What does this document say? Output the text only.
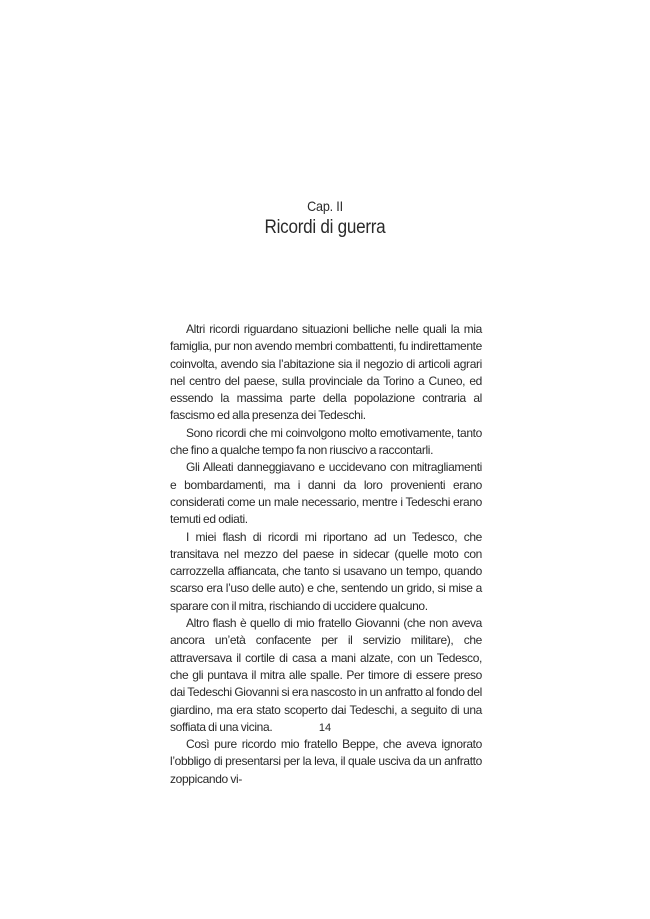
Cap. II
Ricordi di guerra

Altri ricordi riguardano situazioni belliche nelle quali la mia famiglia, pur non avendo membri combattenti, fu indirettamente coinvolta, avendo sia l’abitazione sia il negozio di articoli agrari nel centro del paese, sulla provinciale da Torino a Cuneo, ed essendo la massima parte della popolazione contraria al fascismo ed alla presenza dei Tedeschi.

Sono ricordi che mi coinvolgono molto emotivamente, tanto che fino a qualche tempo fa non riuscivo a raccontarli.

Gli Alleati danneggiavano e uccidevano con mitragliamenti e bombardamenti, ma i danni da loro provenienti erano considerati come un male necessario, mentre i Tedeschi erano temuti ed odiati.

I miei flash di ricordi mi riportano ad un Tedesco, che transitava nel mezzo del paese in sidecar (quelle moto con carrozzella affiancata, che tanto si usavano un tempo, quando scarso era l’uso delle auto) e che, sentendo un grido, si mise a sparare con il mitra, rischiando di uccidere qualcuno.

Altro flash è quello di mio fratello Giovanni (che non aveva ancora un’età confacente per il servizio militare), che attraversava il cortile di casa a mani alzate, con un Tedesco, che gli puntava il mitra alle spalle. Per timore di essere preso dai Tedeschi Giovanni si era nascosto in un anfratto al fondo del giardino, ma era stato scoperto dai Tedeschi, a seguito di una soffiata di una vicina.

Così pure ricordo mio fratello Beppe, che aveva ignorato l’obbligo di presentarsi per la leva, il quale usciva da un anfratto zoppicando vi-

14
